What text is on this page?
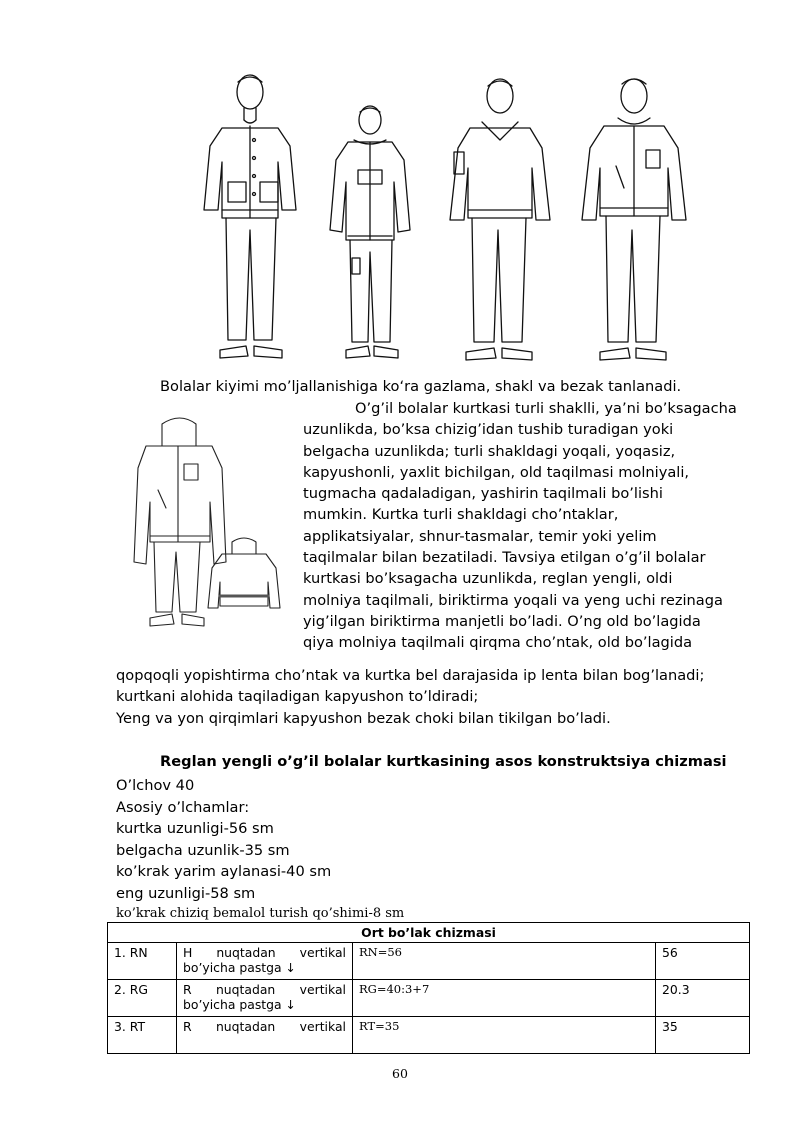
Bolalar kiyimi mo’ljallanishiga ko‘ra gazlama, shakl va bezak tanlanadi.
O’g’il bolalar kurtkasi turli shaklli, ya’ni bo’ksagacha
uzunlikda, bo’ksa chizig’idan tushib turadigan yoki
belgacha uzunlikda; turli shakldagi yoqali, yoqasiz,
kapyushonli, yaxlit bichilgan, old taqilmasi molniyali,
tugmacha qadaladigan, yashirin taqilmali bo’lishi
mumkin. Kurtka turli shakldagi cho’ntaklar,
applikatsiyalar, shnur-tasmalar, temir yoki yelim
taqilmalar bilan bezatiladi. Tavsiya etilgan o’g’il bolalar
kurtkasi bo’ksagacha uzunlikda, reglan yengli, oldi
molniya taqilmali, biriktirma yoqali va yeng uchi rezinaga
yig’ilgan biriktirma manjetli bo’ladi. O’ng old bo’lagida
qiya molniya taqilmali qirqma cho’ntak, old bo’lagida
qopqoqli yopishtirma cho’ntak va kurtka bel darajasida ip lenta bilan bog’lanadi;
kurtkani alohida taqiladigan kapyushon to’ldiradi;
Yeng va yon qirqimlari kapyushon bezak choki bilan tikilgan bo’ladi.
Reglan yengli o’g’il bolalar kurtkasining asos konstruktsiya chizmasi
O’lchov 40
Asosiy o’lchamlar:
kurtka uzunligi-56 sm
belgacha uzunlik-35 sm
ko’krak yarim aylanasi-40 sm
eng uzunligi-58 sm
ko’krak chiziq bemalol turish qo’shimi-8 sm
Ort bo’lak chizmasi			
1. RN	H nuqtadan vertikal
bo’yicha pastga ↓	RN=56	56
2. RG	R nuqtadan vertikal
bo’yicha pastga ↓	RG=40:3+7	20.3
3. RT	R nuqtadan vertikal	RT=35	35
60
